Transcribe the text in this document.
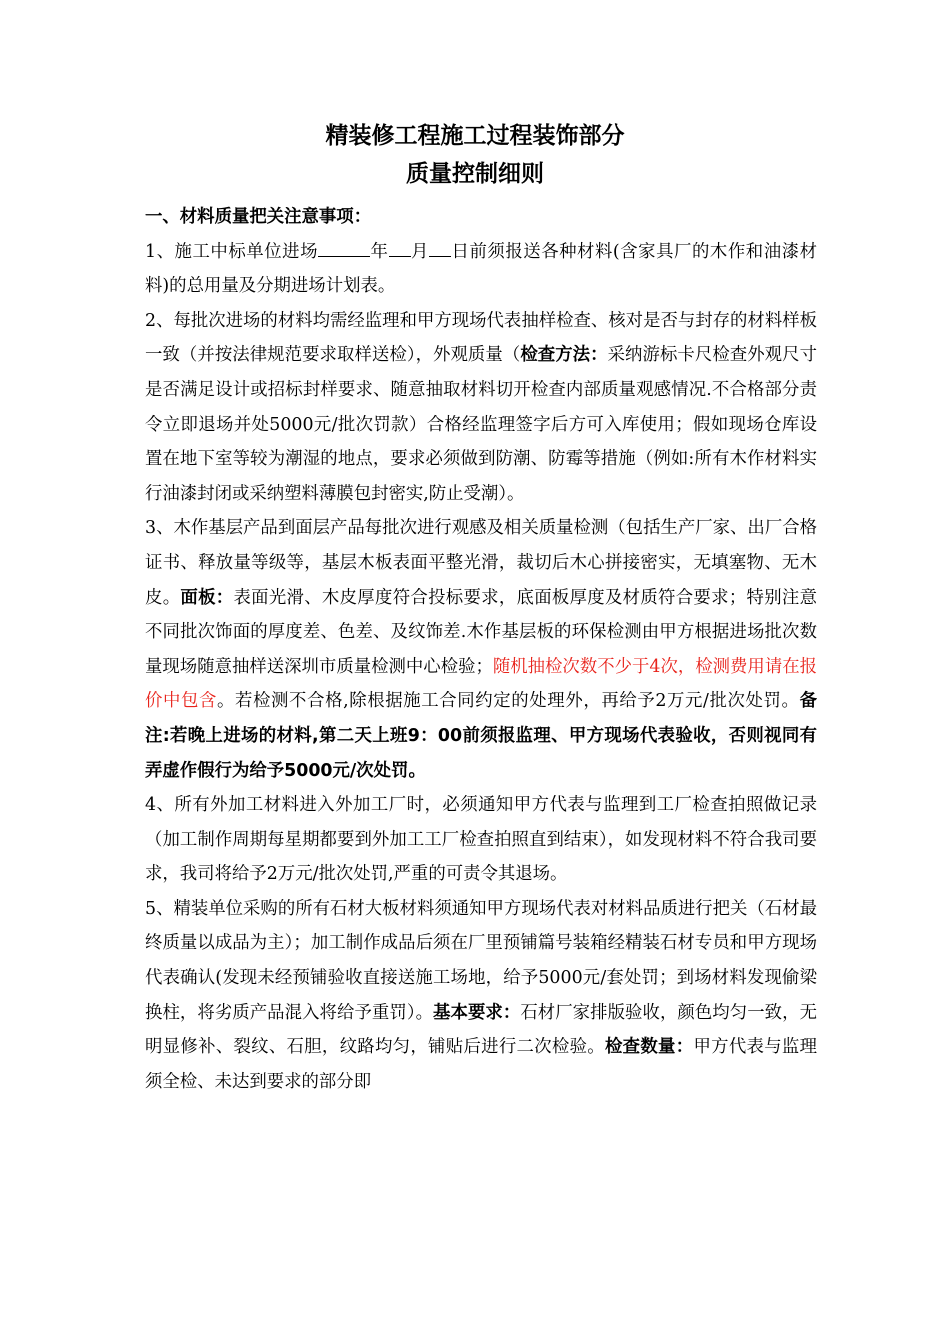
精装修工程施工过程装饰部分
质量控制细则

一、材料质量把关注意事项：

1、施工中标单位进场	年 月 日前须报送各种材料(含家具厂的木作和油漆材料)的总用量及分期进场计划表。

2、每批次进场的材料均需经监理和甲方现场代表抽样检查、核对是否与封存的材料样板一致（并按法律规范要求取样送检），外观质量（检查方法：采纳游标卡尺检查外观尺寸是否满足设计或招标封样要求、随意抽取材料切开检查内部质量观感情况.不合格部分责令立即退场并处5000元/批次罚款）合格经监理签字后方可入库使用；假如现场仓库设置在地下室等较为潮湿的地点，要求必须做到防潮、防霉等措施（例如:所有木作材料实行油漆封闭或采纳塑料薄膜包封密实,防止受潮）。

3、木作基层产品到面层产品每批次进行观感及相关质量检测（包括生产厂家、出厂合格证书、释放量等级等，基层木板表面平整光滑，裁切后木心拼接密实，无填塞物、无木皮。面板：表面光滑、木皮厚度符合投标要求，底面板厚度及材质符合要求；特别注意不同批次饰面的厚度差、色差、及纹饰差.木作基层板的环保检测由甲方根据进场批次数量现场随意抽样送深圳市质量检测中心检验；随机抽检次数不少于4次，检测费用请在报价中包含。若检测不合格,除根据施工合同约定的处理外，再给予2万元/批次处罚。备注:若晚上进场的材料,第二天上班9：00前须报监理、甲方现场代表验收，否则视同有弄虚作假行为给予5000元/次处罚。

4、所有外加工材料进入外加工厂时，必须通知甲方代表与监理到工厂检查拍照做记录（加工制作周期每星期都要到外加工工厂检查拍照直到结束），如发现材料不符合我司要求，我司将给予2万元/批次处罚,严重的可责令其退场。

5、精装单位采购的所有石材大板材料须通知甲方现场代表对材料品质进行把关（石材最终质量以成品为主）；加工制作成品后须在厂里预铺篇号装箱经精装石材专员和甲方现场代表确认(发现未经预铺验收直接送施工场地，给予5000元/套处罚；到场材料发现偷梁换柱，将劣质产品混入将给予重罚）。基本要求：石材厂家排版验收，颜色均匀一致，无明显修补、裂纹、石胆，纹路均匀，铺贴后进行二次检验。检查数量：甲方代表与监理须全检、未达到要求的部分即
